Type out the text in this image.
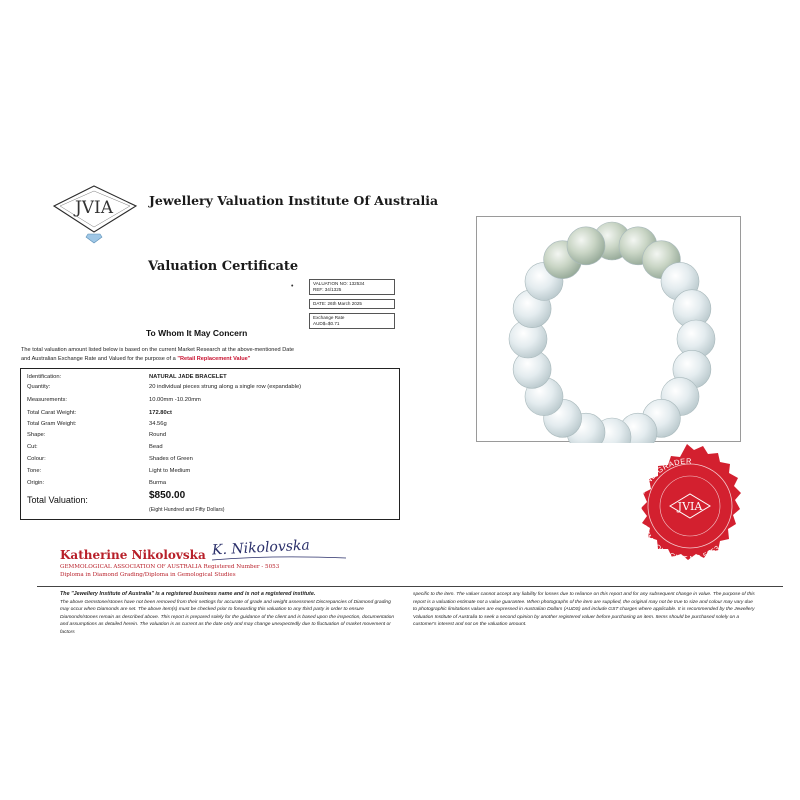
JVIA	Jewellery Valuation Institute Of Australia
Valuation Certificate
•	VALUATION NO: 132534
REF: 34/1325
DATE: 26th March 2025
Exchange Rate
AUD$=$0.71
To Whom It May Concern
The total valuation amount listed below is based on the current Market Research at the above-mentioned Date
and Australian Exchange Rate and Valued for the purpose of a "Retail Replacement Value"
Identification:	NATURAL JADE BRACELET
Quantity:	20 individual pieces strung along a single row (expandable)
Measurements:	10.00mm -10.20mm
Total Carat Weight:	172.80ct
Total Gram Weight:	34.56g
Shape:	Round
Cut:	Bead
Colour:	Shades of Green
Tone:	Light to Medium
Origin:	Burma
Total Valuation:	$850.00
(Eight Hundred and Fifty Dollars)
Katherine Nikolovska K. Nikolovska
GEMMOLOGICAL ASSOCIATION OF AUSTRALIA Registered Number - 5053
Diploma in Diamond Grading/Diploma in Gemological Studies
The "Jewellery Institute of Australia" is a registered business name and is not a registered institute.
The above Gemstone/stones have not been removed from their settings for accurate of grade and weight assessment Discrepancies of Diamond grading may occur when Diamonds are set. The above item(s) must be checked prior to forwarding this valuation to any third party in order to ensure Diamonds/stones remain as described above. This report is prepared solely for the guidance of the client and is based upon the inspection, documentation and assumptions as detailed herein. The valuation is as current as the date only and may change unexpectedly due to fluctuation of market movement or factors
specific to the item. The valuer cannot accept any liability for losses due to reliance on this report and for any subsequent change in value. The purpose of this report is a valuation estimate not a value guarantee. When photographs of the item are supplied, the original may not be true to size and colour may vary due to photographic limitations values are expressed in Australian Dollars (AUDS) and include GST charges where applicable. It is recommended by the Jewellery Valuation Institute of Australia to seek a second opinion by another registered valuer before purchasing an item. Items should be purchased solely on a customer's interest and not on the valuation amount.
DIAMOND GRADER
GEMMOLOGIST NO.5053
JVIA
